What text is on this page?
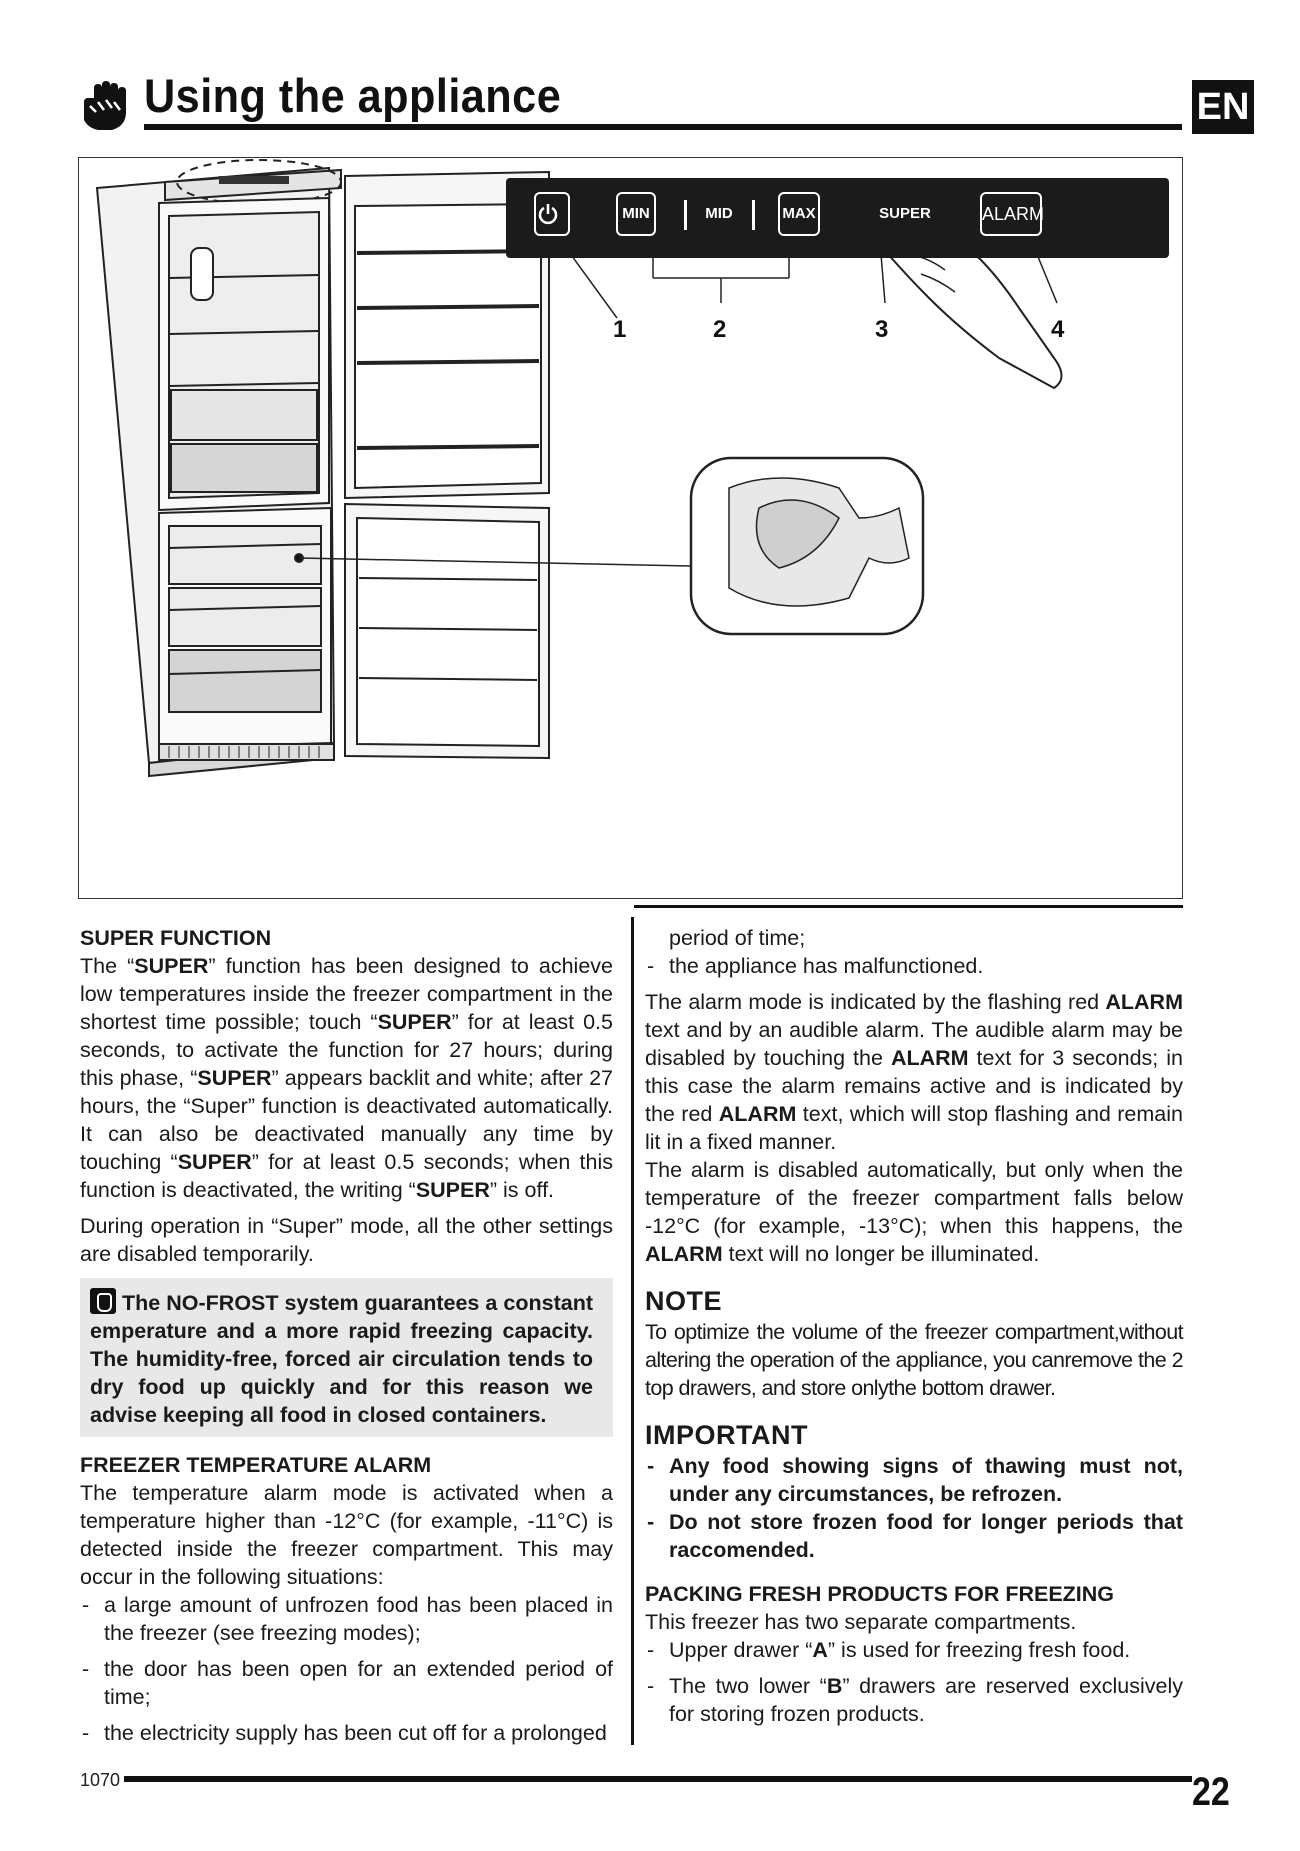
Using the appliance	EN
MIN	MID	MAX	SUPER	ALARM
1	2	3	4
SUPER FUNCTION

The “SUPER” function has been designed to achieve low temperatures inside the freezer compartment in the shortest time possible; touch “SUPER” for at least 0.5 seconds, to activate the function for 27 hours; during this phase, “SUPER” appears backlit and white; after 27 hours, the “Super” function is deactivated automatically. It can also be deactivated manually any time by touching “SUPER” for at least 0.5 seconds; when this function is deactivated, the writing “SUPER” is off.

During operation in “Super” mode, all the other settings are disabled temporarily.

The NO-FROST system guarantees a constant emperature and a more rapid freezing capacity. The humidity-free, forced air circulation tends to dry food up quickly and for this reason we advise keeping all food in closed containers.

FREEZER TEMPERATURE ALARM

The temperature alarm mode is activated when a temperature higher than -12°C (for example, -11°C) is detected inside the freezer compartment. This may occur in the following situations:

- a large amount of unfrozen food has been placed in the freezer (see freezing modes);

- the door has been open for an extended period of time;

- the electricity supply has been cut off for a prolonged

period of time;

- the appliance has malfunctioned.

The alarm mode is indicated by the flashing red ALARM text and by an audible alarm. The audible alarm may be disabled by touching the ALARM text for 3 seconds; in this case the alarm remains active and is indicated by the red ALARM text, which will stop flashing and remain lit in a fixed manner.

The alarm is disabled automatically, but only when the temperature of the freezer compartment falls below -12°C (for example, -13°C); when this happens, the ALARM text will no longer be illuminated.

NOTE

To optimize the volume of the freezer compartment,without altering the operation of the appliance, you canremove the 2 top drawers, and store onlythe bottom drawer.

IMPORTANT

- Any food showing signs of thawing must not, under any circumstances, be refrozen.

- Do not store frozen food for longer periods that raccomended.

PACKING FRESH PRODUCTS FOR FREEZING

This freezer has two separate compartments.

- Upper drawer “A” is used for freezing fresh food.

- The two lower “B” drawers are reserved exclusively for storing frozen products.

1070	22
